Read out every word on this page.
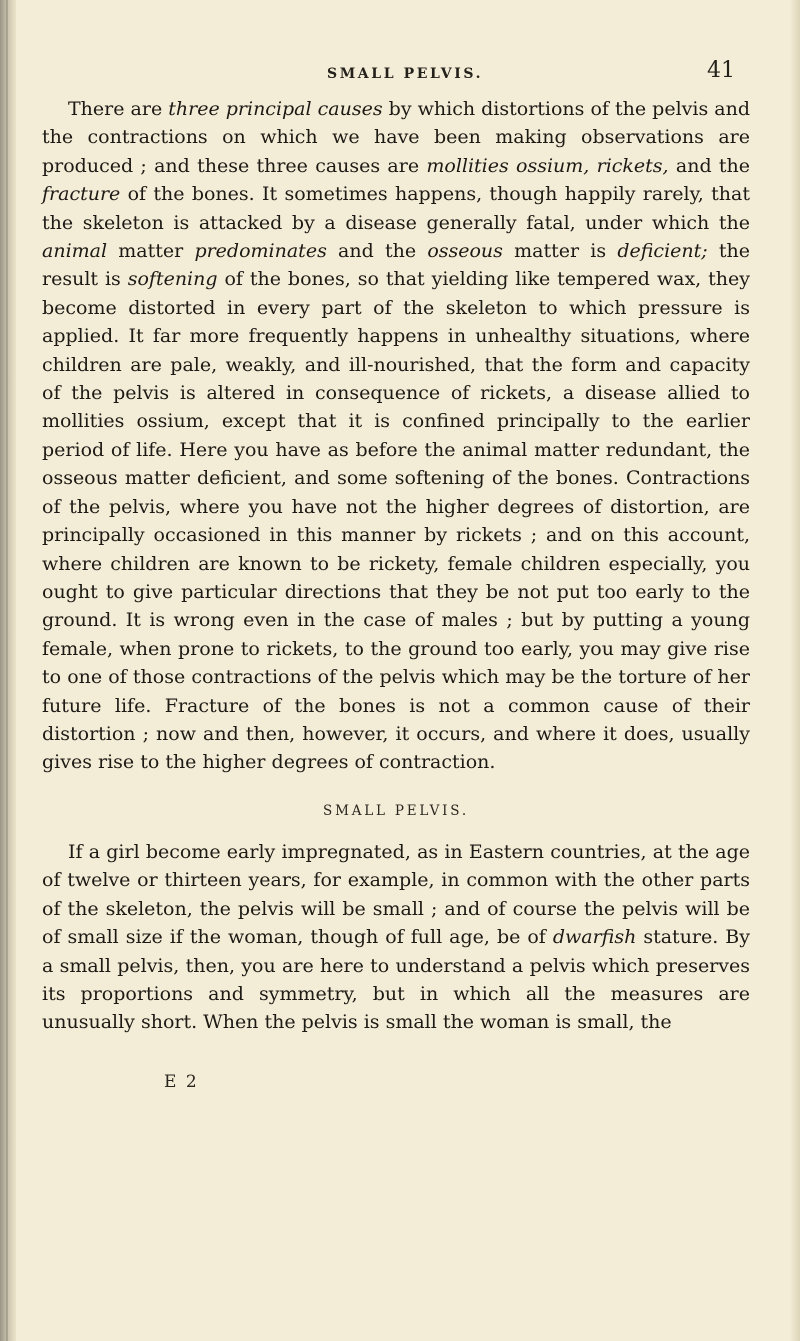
SMALL PELVIS.	41

There are three principal causes by which distortions of the pelvis and the contractions on which we have been making observations are produced ; and these three causes are mollities ossium, rickets, and the fracture of the bones. It sometimes happens, though happily rarely, that the skeleton is attacked by a disease generally fatal, under which the animal matter predominates and the osseous matter is deficient; the result is softening of the bones, so that yielding like tempered wax, they become distorted in every part of the skeleton to which pressure is applied. It far more frequently happens in unhealthy situations, where children are pale, weakly, and ill-nourished, that the form and capacity of the pelvis is altered in consequence of rickets, a disease allied to mollities ossium, except that it is confined principally to the earlier period of life. Here you have as before the animal matter redundant, the osseous matter deficient, and some softening of the bones. Contractions of the pelvis, where you have not the higher degrees of distortion, are principally occasioned in this manner by rickets ; and on this account, where children are known to be rickety, female children especially, you ought to give particular directions that they be not put too early to the ground. It is wrong even in the case of males ; but by putting a young female, when prone to rickets, to the ground too early, you may give rise to one of those contractions of the pelvis which may be the torture of her future life. Fracture of the bones is not a common cause of their distortion ; now and then, however, it occurs, and where it does, usually gives rise to the higher degrees of contraction.

SMALL PELVIS.

If a girl become early impregnated, as in Eastern countries, at the age of twelve or thirteen years, for example, in common with the other parts of the skeleton, the pelvis will be small ; and of course the pelvis will be of small size if the woman, though of full age, be of dwarfish stature. By a small pelvis, then, you are here to understand a pelvis which preserves its proportions and symmetry, but in which all the measures are unusually short. When the pelvis is small the woman is small, the

E 2
